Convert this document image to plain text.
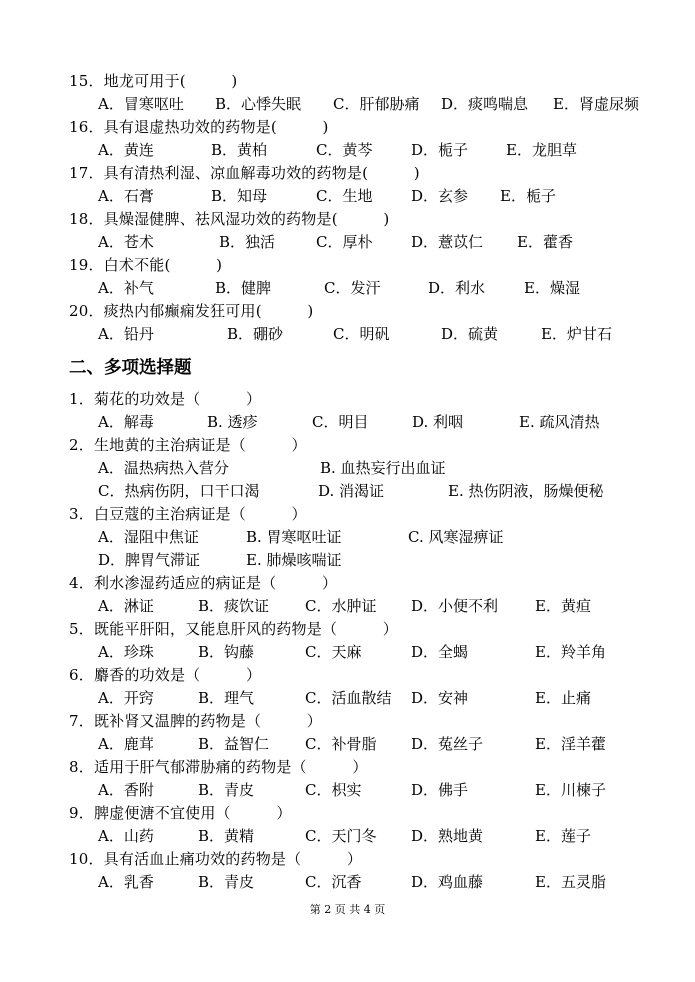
15．地龙可用于(　　　)
A．冒寒呕吐 B．心悸失眠 C．肝郁胁痛 D．痰鸣喘息 E．肾虚尿频
16．具有退虚热功效的药物是(　　　)
A．黄连	B．黄柏	C．黄芩	D．栀子	E．龙胆草
17．具有清热利湿、凉血解毒功效的药物是(　　　)
A．石膏	B．知母	C．生地	D．玄参 E．栀子
18．具燥湿健脾、祛风湿功效的药物是(　　　)
A．苍术	B．独活	C．厚朴	D．薏苡仁 E．藿香
19．白术不能(　　　)
A．补气	B．健脾	C．发汗	D．利水	E．燥湿
20．痰热内郁癫痫发狂可用(　　　)
A．铅丹	B．硼砂	C．明矾	D．硫黄	E．炉甘石
二、多项选择题
1．菊花的功效是（　　　）
A．解毒	B. 透疹	C．明目	D. 利咽	E. 疏风清热
2．生地黄的主治病证是（　　　）
A．温热病热入营分	B. 血热妄行出血证
C．热病伤阴，口干口渴	D. 消渴证	E. 热伤阴液，肠燥便秘
3．白豆蔻的主治病证是（　　　）
A．湿阻中焦证	B. 胃寒呕吐证	C. 风寒湿痹证
D．脾胃气滞证	E. 肺燥咳喘证
4．利水渗湿药适应的病证是（　　　）
A．淋证	B．痰饮证 C．水肿证 D．小便不利 E．黄疸
5．既能平肝阳，又能息肝风的药物是（　　　）
A．珍珠	B．钩藤	C．天麻	D．全蝎	E．羚羊角
6．麝香的功效是（　　　）
A．开窍	B．理气	C．活血散结 D．安神	E．止痛
7．既补肾又温脾的药物是（　　　）
A．鹿茸	B．益智仁 C．补骨脂 D．菟丝子	E．淫羊藿
8．适用于肝气郁滞胁痛的药物是（　　　）
A．香附	B．青皮	C．枳实	D．佛手	E．川楝子
9．脾虚便溏不宜使用（　　　）
A．山药	B．黄精	C．天门冬 D．熟地黄	E．莲子
10．具有活血止痛功效的药物是（　　　）
A．乳香	B．青皮	C．沉香	D．鸡血藤	E．五灵脂
第 2 页 共 4 页
